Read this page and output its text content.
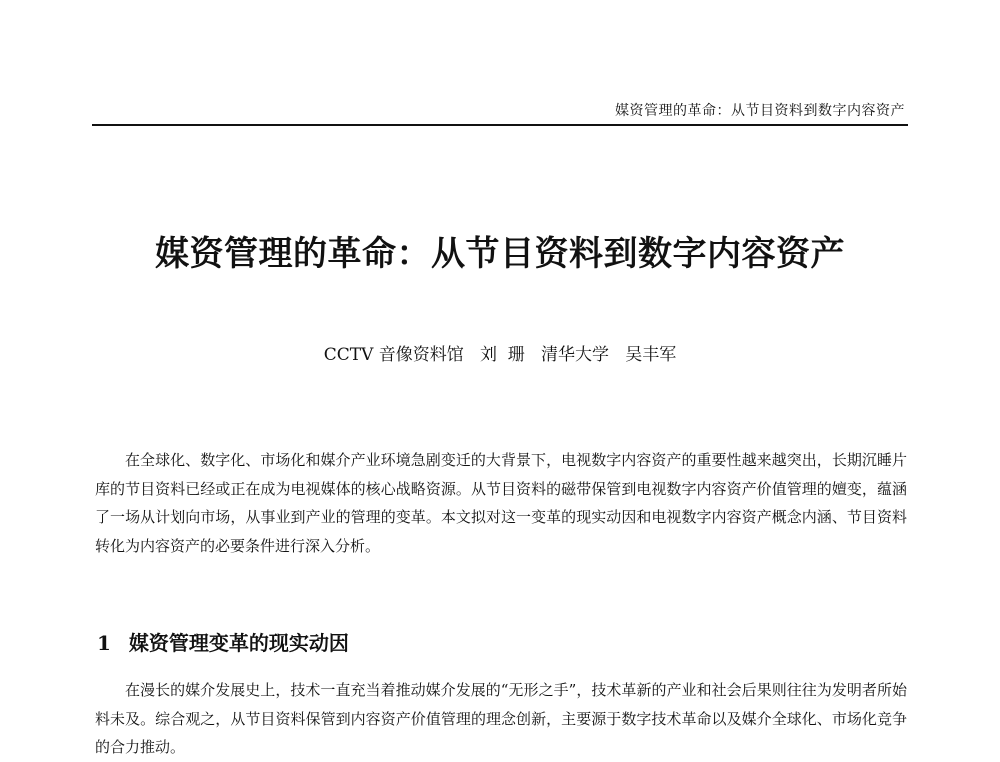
媒资管理的革命：从节目资料到数字内容资产
媒资管理的革命：从节目资料到数字内容资产
CCTV 音像资料馆   刘  珊   清华大学   吴丰军

在全球化、数字化、市场化和媒介产业环境急剧变迁的大背景下，电视数字内容资产的重要性越来越突出，长期沉睡片库的节目资料已经或正在成为电视媒体的核心战略资源。从节目资料的磁带保管到电视数字内容资产价值管理的嬗变，蕴涵了一场从计划向市场，从事业到产业的管理的变革。本文拟对这一变革的现实动因和电视数字内容资产概念内涵、节目资料转化为内容资产的必要条件进行深入分析。

1 媒资管理变革的现实动因

在漫长的媒介发展史上，技术一直充当着推动媒介发展的“无形之手”，技术革新的产业和社会后果则往往为发明者所始料未及。综合观之，从节目资料保管到内容资产价值管理的理念创新，主要源于数字技术革命以及媒介全球化、市场化竞争的合力推动。
